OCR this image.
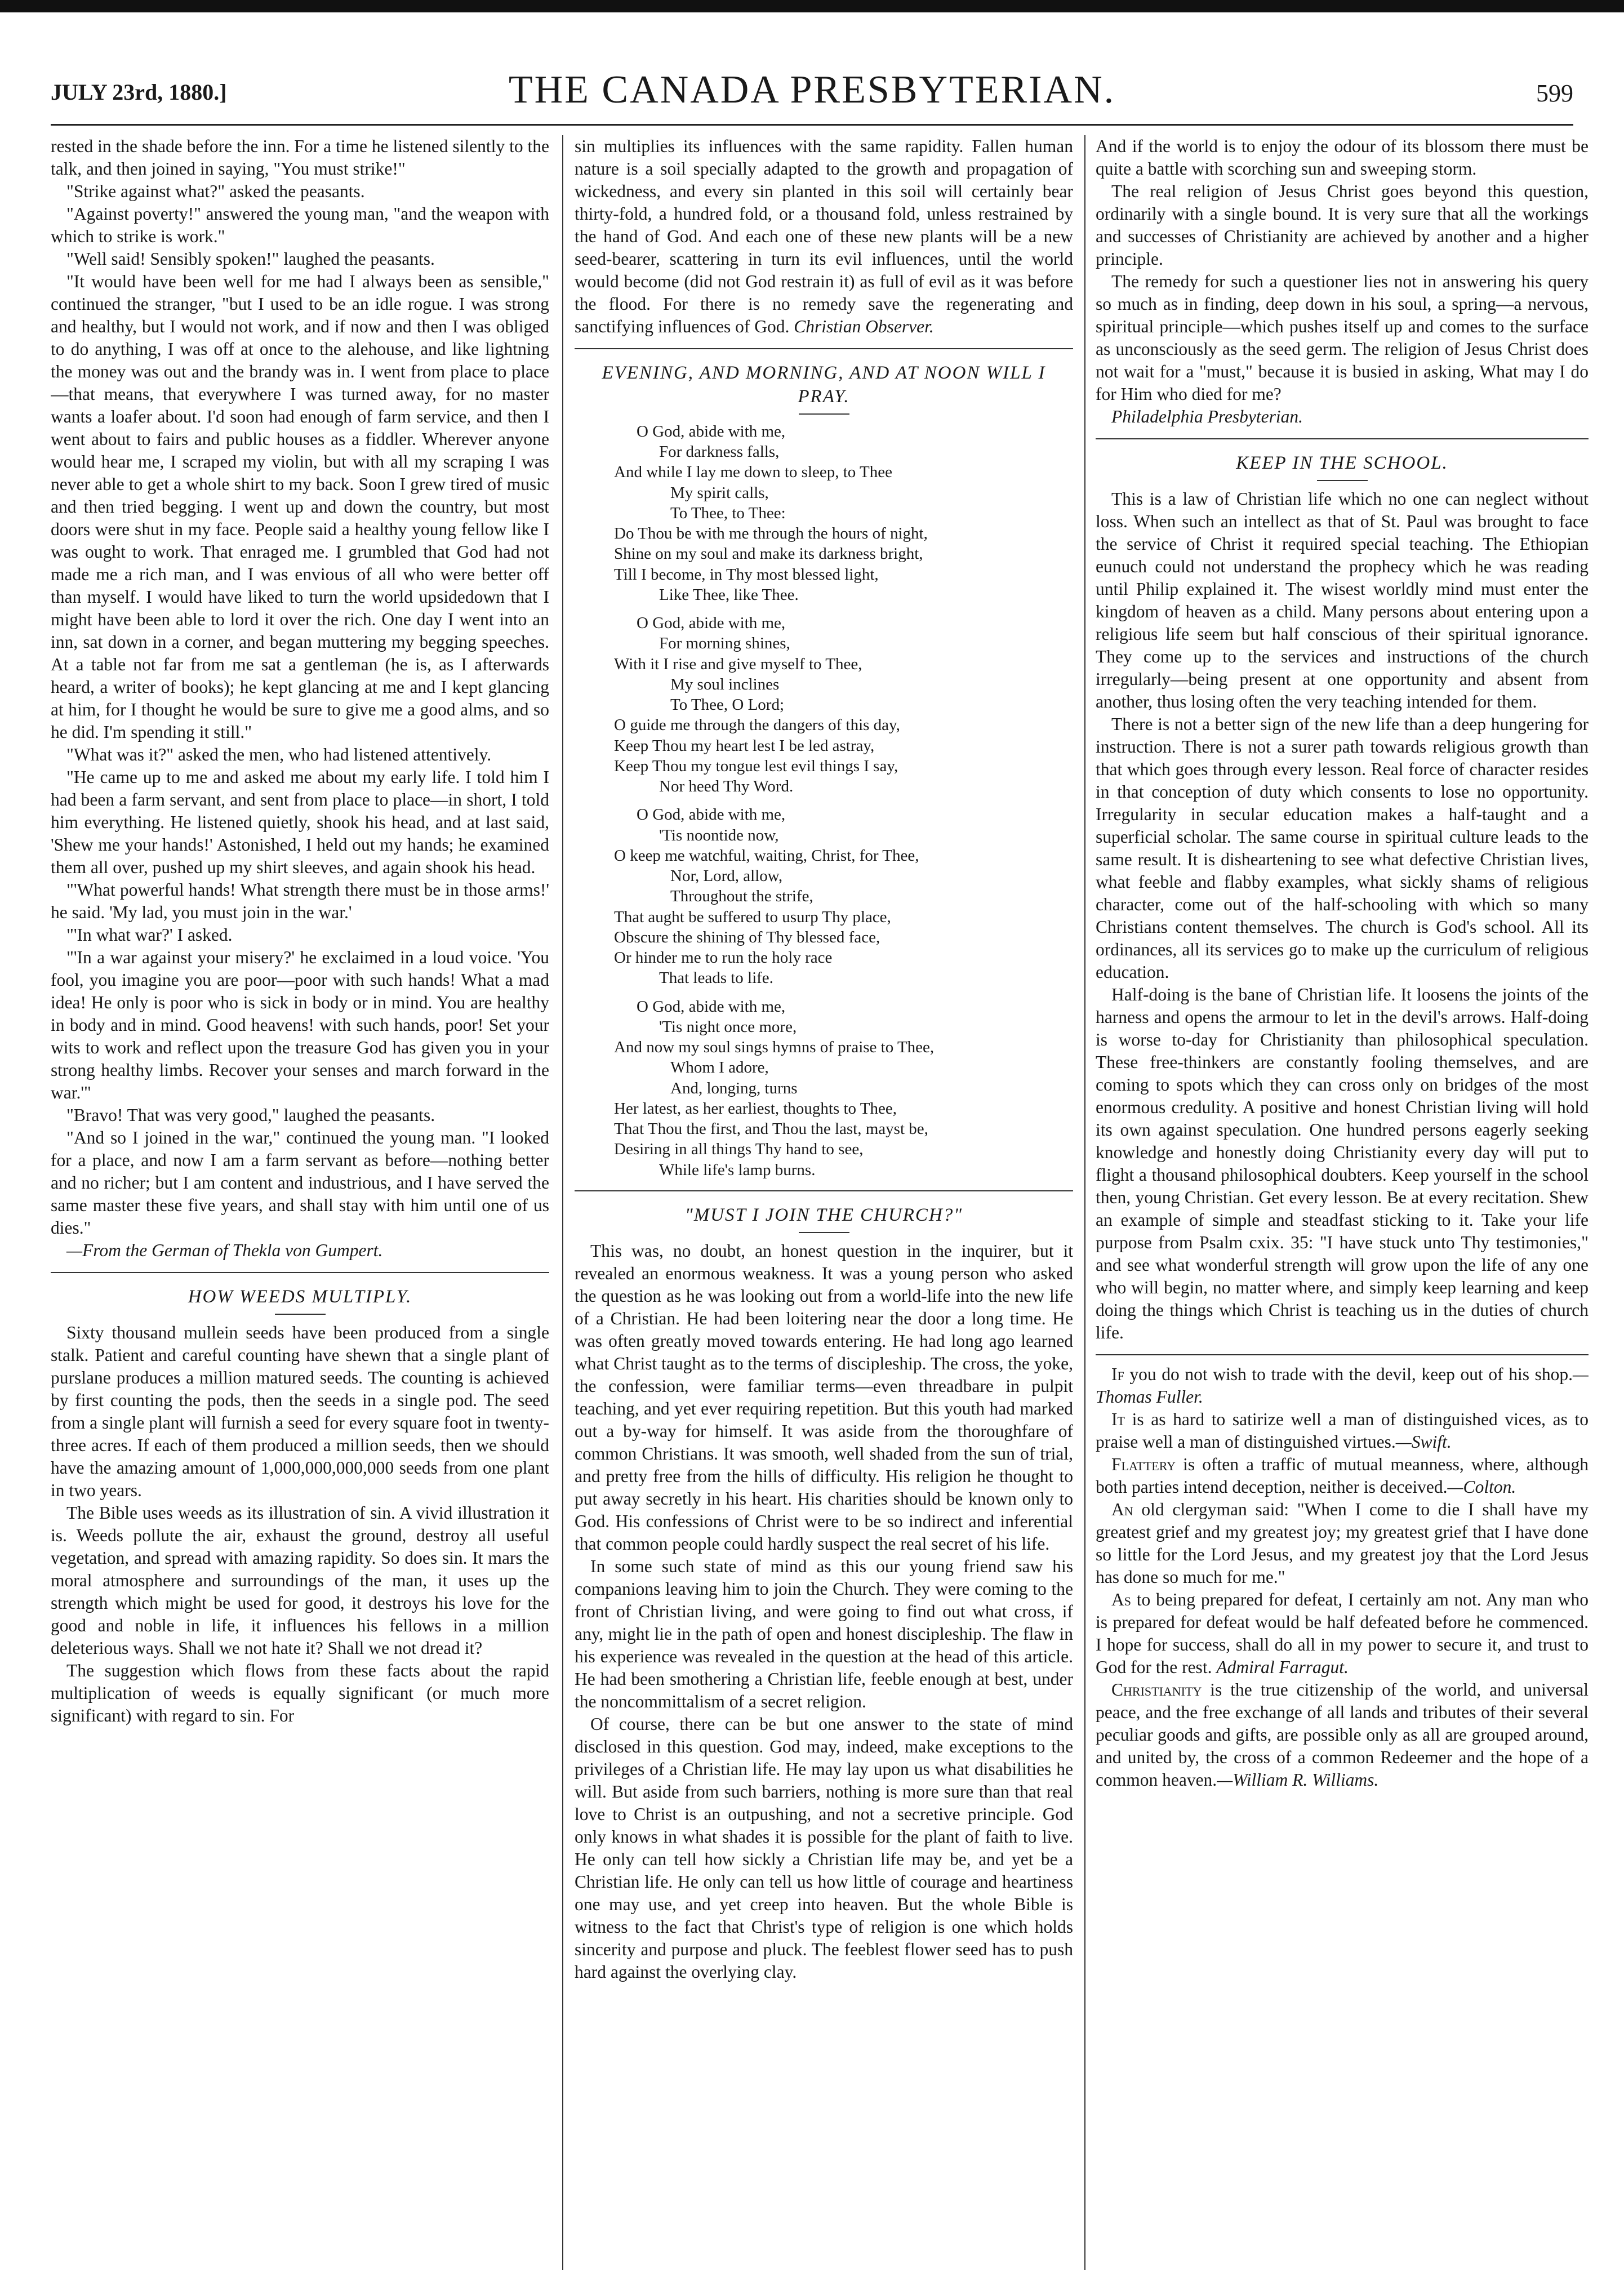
JULY 23rd, 1880.]	THE CANADA PRESBYTERIAN.	599

rested in the shade before the inn. For a time he listened silently to the talk, and then joined in saying, "You must strike!"

"Strike against what?" asked the peasants.

"Against poverty!" answered the young man, "and the weapon with which to strike is work."

"Well said! Sensibly spoken!" laughed the peasants.

"It would have been well for me had I always been as sensible," continued the stranger, "but I used to be an idle rogue. I was strong and healthy, but I would not work, and if now and then I was obliged to do anything, I was off at once to the alehouse, and like lightning the money was out and the brandy was in. I went from place to place—that means, that everywhere I was turned away, for no master wants a loafer about. I'd soon had enough of farm service, and then I went about to fairs and public houses as a fiddler. Wherever anyone would hear me, I scraped my violin, but with all my scraping I was never able to get a whole shirt to my back. Soon I grew tired of music and then tried begging. I went up and down the country, but most doors were shut in my face. People said a healthy young fellow like I was ought to work. That enraged me. I grumbled that God had not made me a rich man, and I was envious of all who were better off than myself. I would have liked to turn the world upsidedown that I might have been able to lord it over the rich. One day I went into an inn, sat down in a corner, and began muttering my begging speeches. At a table not far from me sat a gentleman (he is, as I afterwards heard, a writer of books); he kept glancing at me and I kept glancing at him, for I thought he would be sure to give me a good alms, and so he did. I'm spending it still."

"What was it?" asked the men, who had listened attentively.

"He came up to me and asked me about my early life. I told him I had been a farm servant, and sent from place to place—in short, I told him everything. He listened quietly, shook his head, and at last said, 'Shew me your hands!' Astonished, I held out my hands; he examined them all over, pushed up my shirt sleeves, and again shook his head.

"'What powerful hands! What strength there must be in those arms!' he said. 'My lad, you must join in the war.'

"'In what war?' I asked.

"'In a war against your misery?' he exclaimed in a loud voice. 'You fool, you imagine you are poor—poor with such hands! What a mad idea! He only is poor who is sick in body or in mind. You are healthy in body and in mind. Good heavens! with such hands, poor! Set your wits to work and reflect upon the treasure God has given you in your strong healthy limbs. Recover your senses and march forward in the war.'"

"Bravo! That was very good," laughed the peasants.

"And so I joined in the war," continued the young man. "I looked for a place, and now I am a farm servant as before—nothing better and no richer; but I am content and industrious, and I have served the same master these five years, and shall stay with him until one of us dies."

—From the German of Thekla von Gumpert.

HOW WEEDS MULTIPLY.

Sixty thousand mullein seeds have been produced from a single stalk. Patient and careful counting have shewn that a single plant of purslane produces a million matured seeds. The counting is achieved by first counting the pods, then the seeds in a single pod. The seed from a single plant will furnish a seed for every square foot in twenty-three acres. If each of them produced a million seeds, then we should have the amazing amount of 1,000,000,000,000 seeds from one plant in two years.

The Bible uses weeds as its illustration of sin. A vivid illustration it is. Weeds pollute the air, exhaust the ground, destroy all useful vegetation, and spread with amazing rapidity. So does sin. It mars the moral atmosphere and surroundings of the man, it uses up the strength which might be used for good, it destroys his love for the good and noble in life, it influences his fellows in a million deleterious ways. Shall we not hate it? Shall we not dread it?

The suggestion which flows from these facts about the rapid multiplication of weeds is equally significant (or much more significant) with regard to sin. For

sin multiplies its influences with the same rapidity. Fallen human nature is a soil specially adapted to the growth and propagation of wickedness, and every sin planted in this soil will certainly bear thirty-fold, a hundred fold, or a thousand fold, unless restrained by the hand of God. And each one of these new plants will be a new seed-bearer, scattering in turn its evil influences, until the world would become (did not God restrain it) as full of evil as it was before the flood. For there is no remedy save the regenerating and sanctifying influences of God. Christian Observer.

EVENING, AND MORNING, AND AT NOON WILL I PRAY.
O God, abide with me,
For darkness falls,
And while I lay me down to sleep, to Thee
My spirit calls,
To Thee, to Thee:
Do Thou be with me through the hours of night,
Shine on my soul and make its darkness bright,
Till I become, in Thy most blessed light,
Like Thee, like Thee.
O God, abide with me,
For morning shines,
With it I rise and give myself to Thee,
My soul inclines
To Thee, O Lord;
O guide me through the dangers of this day,
Keep Thou my heart lest I be led astray,
Keep Thou my tongue lest evil things I say,
Nor heed Thy Word.
O God, abide with me,
'Tis noontide now,
O keep me watchful, waiting, Christ, for Thee,
Nor, Lord, allow,
Throughout the strife,
That aught be suffered to usurp Thy place,
Obscure the shining of Thy blessed face,
Or hinder me to run the holy race
That leads to life.
O God, abide with me,
'Tis night once more,
And now my soul sings hymns of praise to Thee,
Whom I adore,
And, longing, turns
Her latest, as her earliest, thoughts to Thee,
That Thou the first, and Thou the last, mayst be,
Desiring in all things Thy hand to see,
While life's lamp burns.
"MUST I JOIN THE CHURCH?"

This was, no doubt, an honest question in the inquirer, but it revealed an enormous weakness. It was a young person who asked the question as he was looking out from a world-life into the new life of a Christian. He had been loitering near the door a long time. He was often greatly moved towards entering. He had long ago learned what Christ taught as to the terms of discipleship. The cross, the yoke, the confession, were familiar terms—even threadbare in pulpit teaching, and yet ever requiring repetition. But this youth had marked out a by-way for himself. It was aside from the thoroughfare of common Christians. It was smooth, well shaded from the sun of trial, and pretty free from the hills of difficulty. His religion he thought to put away secretly in his heart. His charities should be known only to God. His confessions of Christ were to be so indirect and inferential that common people could hardly suspect the real secret of his life.

In some such state of mind as this our young friend saw his companions leaving him to join the Church. They were coming to the front of Christian living, and were going to find out what cross, if any, might lie in the path of open and honest discipleship. The flaw in his experience was revealed in the question at the head of this article. He had been smothering a Christian life, feeble enough at best, under the noncommittalism of a secret religion.

Of course, there can be but one answer to the state of mind disclosed in this question. God may, indeed, make exceptions to the privileges of a Christian life. He may lay upon us what disabilities he will. But aside from such barriers, nothing is more sure than that real love to Christ is an outpushing, and not a secretive principle. God only knows in what shades it is possible for the plant of faith to live. He only can tell how sickly a Christian life may be, and yet be a Christian life. He only can tell us how little of courage and heartiness one may use, and yet creep into heaven. But the whole Bible is witness to the fact that Christ's type of religion is one which holds sincerity and purpose and pluck. The feeblest flower seed has to push hard against the overlying clay.

And if the world is to enjoy the odour of its blossom there must be quite a battle with scorching sun and sweeping storm.

The real religion of Jesus Christ goes beyond this question, ordinarily with a single bound. It is very sure that all the workings and successes of Christianity are achieved by another and a higher principle.

The remedy for such a questioner lies not in answering his query so much as in finding, deep down in his soul, a spring—a nervous, spiritual principle—which pushes itself up and comes to the surface as unconsciously as the seed germ. The religion of Jesus Christ does not wait for a "must," because it is busied in asking, What may I do for Him who died for me?

Philadelphia Presbyterian.

KEEP IN THE SCHOOL.

This is a law of Christian life which no one can neglect without loss. When such an intellect as that of St. Paul was brought to face the service of Christ it required special teaching. The Ethiopian eunuch could not understand the prophecy which he was reading until Philip explained it. The wisest worldly mind must enter the kingdom of heaven as a child. Many persons about entering upon a religious life seem but half conscious of their spiritual ignorance. They come up to the services and instructions of the church irregularly—being present at one opportunity and absent from another, thus losing often the very teaching intended for them.

There is not a better sign of the new life than a deep hungering for instruction. There is not a surer path towards religious growth than that which goes through every lesson. Real force of character resides in that conception of duty which consents to lose no opportunity. Irregularity in secular education makes a half-taught and a superficial scholar. The same course in spiritual culture leads to the same result. It is disheartening to see what defective Christian lives, what feeble and flabby examples, what sickly shams of religious character, come out of the half-schooling with which so many Christians content themselves. The church is God's school. All its ordinances, all its services go to make up the curriculum of religious education.

Half-doing is the bane of Christian life. It loosens the joints of the harness and opens the armour to let in the devil's arrows. Half-doing is worse to-day for Christianity than philosophical speculation. These free-thinkers are constantly fooling themselves, and are coming to spots which they can cross only on bridges of the most enormous credulity. A positive and honest Christian living will hold its own against speculation. One hundred persons eagerly seeking knowledge and honestly doing Christianity every day will put to flight a thousand philosophical doubters. Keep yourself in the school then, young Christian. Get every lesson. Be at every recitation. Shew an example of simple and steadfast sticking to it. Take your life purpose from Psalm cxix. 35: "I have stuck unto Thy testimonies," and see what wonderful strength will grow upon the life of any one who will begin, no matter where, and simply keep learning and keep doing the things which Christ is teaching us in the duties of church life.

If you do not wish to trade with the devil, keep out of his shop.—Thomas Fuller.

It is as hard to satirize well a man of distinguished vices, as to praise well a man of distinguished virtues.—Swift.

Flattery is often a traffic of mutual meanness, where, although both parties intend deception, neither is deceived.—Colton.

An old clergyman said: "When I come to die I shall have my greatest grief and my greatest joy; my greatest grief that I have done so little for the Lord Jesus, and my greatest joy that the Lord Jesus has done so much for me."

As to being prepared for defeat, I certainly am not. Any man who is prepared for defeat would be half defeated before he commenced. I hope for success, shall do all in my power to secure it, and trust to God for the rest. Admiral Farragut.

Christianity is the true citizenship of the world, and universal peace, and the free exchange of all lands and tributes of their several peculiar goods and gifts, are possible only as all are grouped around, and united by, the cross of a common Redeemer and the hope of a common heaven.—William R. Williams.
